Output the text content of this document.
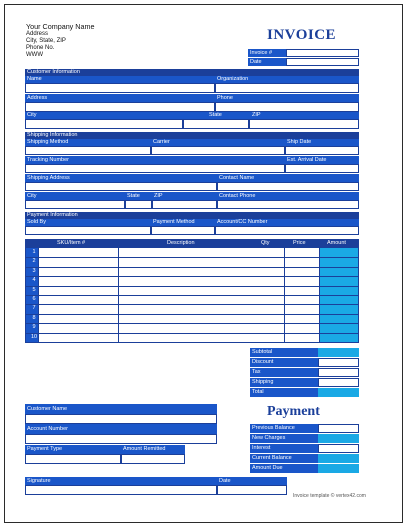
Your Company Name
Address
City, State, ZIP
Phone No.
WWW
INVOICE
Invoice #
Date
Customer Information
Name	Organization
Address	Phone
City	State	ZIP
Shipping Information
Shipping Method	Carrier	Ship Date
Tracking Number	Est. Arrival Date
Shipping Address	Contact Name
City	State	ZIP	Contact Phone
Payment Information
Sold By	Payment Method	Account/CC Number
SKU/Item #	Description	Qty	Price	Amount
1
2
3
4
5
6
7
8
9
10
Subtotal
Discount
Tax
Shipping
Total
Customer Name
Account Number
Payment Type	Amount Remitted
Payment
Previous Balance
New Charges
Interest
Current Balance
Amount Due
Signature	Date
Invoice template © vertex42.com
